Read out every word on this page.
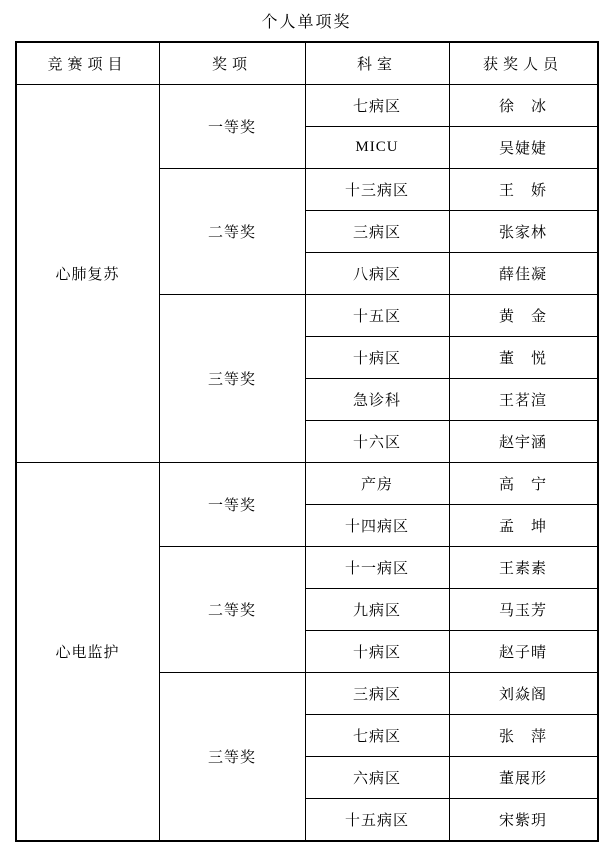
个人单项奖
竞赛项目	奖项	科室	获奖人员
心肺复苏	一等奖	七病区	徐　冰
		MICU	吴婕婕
	二等奖	十三病区	王　娇
		三病区	张家林
		八病区	薛佳凝
	三等奖	十五区	黄　金
		十病区	董　悦
		急诊科	王茗渲
		十六区	赵宇涵
心电监护	一等奖	产房	高　宁
		十四病区	孟　坤
	二等奖	十一病区	王素素
		九病区	马玉芳
		十病区	赵子晴
	三等奖	三病区	刘焱阁
		七病区	张　萍
		六病区	董展形
		十五病区	宋紫玥
